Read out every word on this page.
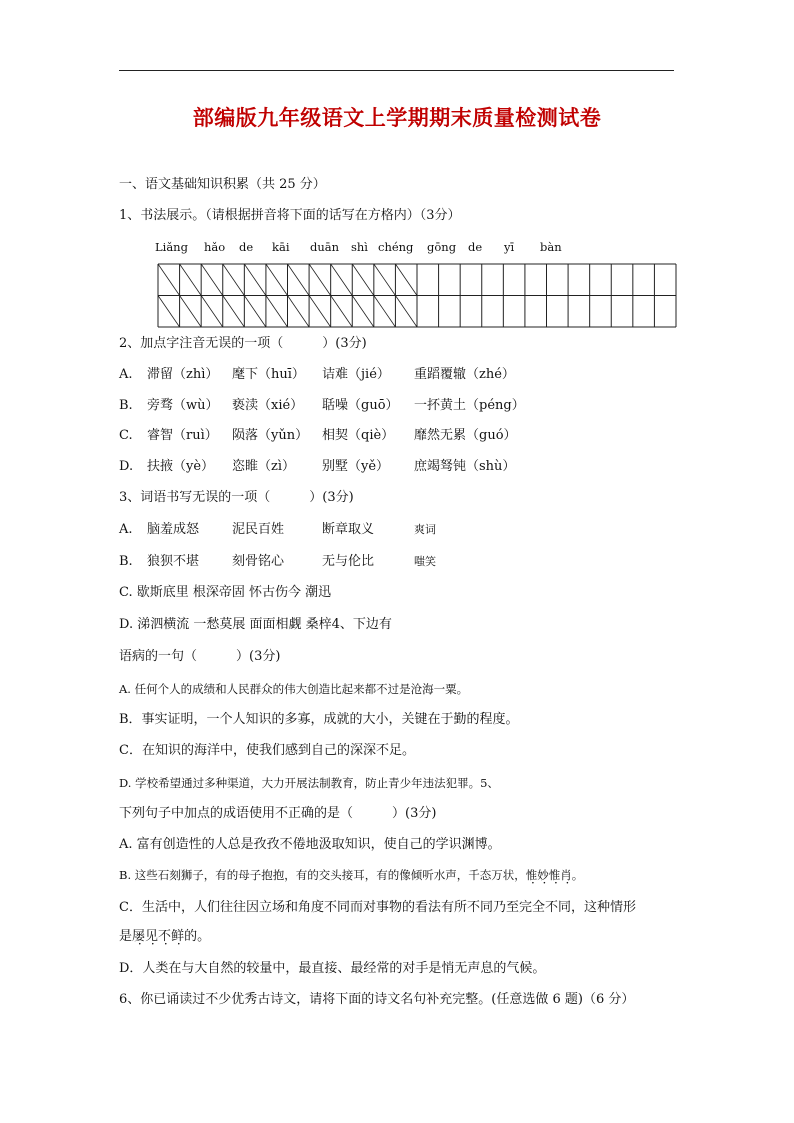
部编版九年级语文上学期期末质量检测试卷
一、语文基础知识积累（共 25 分）
1、书法展示。（请根据拼音将下面的话写在方格内）（3分）
Liǎng hǎo de kāi duān shì chéng gōng de yī bàn
2、加点字注音无误的一项（　　　）(3分)
A. 滞留（zhì） 麾下（huī） 诘难（jié） 重蹈覆辙（zhé）
B. 旁骛（wù） 亵渎（xié） 聒噪（guō） 一抔黄土（péng）
C. 睿智（ruì） 陨落（yǔn） 相契（qiè） 靡然无累（guó）
D. 扶掖（yè） 恣睢（zì） 别墅（yě） 庶竭驽钝（shù）
3、词语书写无误的一项（　　　）(3分)
A. 脑羞成怒	泥民百姓	断章取义	爽词
B. 狼狈不堪	刻骨铭心	无与伦比	嗤笑
C. 歇斯底里 根深帝固 怀古伤今 潮迅
D. 涕泗横流 一愁莫展 面面相觑 桑梓4、下边有
语病的一句（　　　）(3分)
A. 任何个人的成绩和人民群众的伟大创造比起来都不过是沧海一粟。
B．事实证明，一个人知识的多寡，成就的大小，关键在于勤的程度。
C．在知识的海洋中，使我们感到自己的深深不足。
D. 学校希望通过多种渠道，大力开展法制教育，防止青少年违法犯罪。5、
下列句子中加点的成语使用不正确的是（　　　）(3分)
A. 富有创造性的人总是孜孜不倦地汲取知识，使自己的学识渊博。
B. 这些石刻狮子，有的母子抱抱，有的交头接耳，有的像倾听水声，千态万状，惟妙惟肖。
C．生活中，人们往往因立场和角度不同而对事物的看法有所不同乃至完全不同，这种情形
是屡见不鲜的。
D．人类在与大自然的较量中，最直接、最经常的对手是悄无声息的气候。
6、你已诵读过不少优秀古诗文，请将下面的诗文名句补充完整。(任意选做 6 题)（6 分）
